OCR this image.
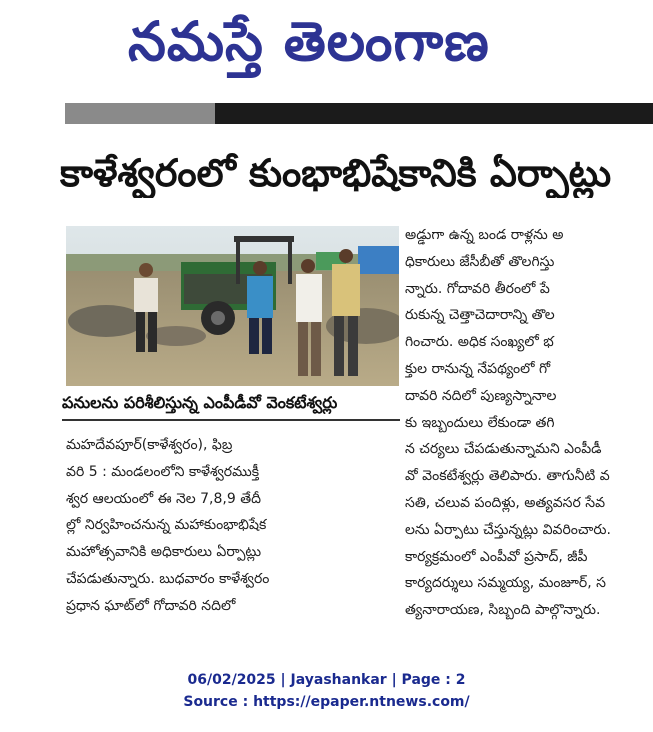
నమస్తే తెలంగాణ
కాళేశ్వరంలో కుంభాభిషేకానికి ఏర్పాట్లు
పనులను పరిశీలిస్తున్న ఎంపీడీవో వెంకటేశ్వర్లు
అడ్డుగా ఉన్న బండ రాళ్లను అ
ధికారులు జేసీబీతో తొలగిస్తు
న్నారు. గోదావరి తీరంలో పే
రుకున్న చెత్తాచెదారాన్ని తొల
గించారు. అధిక సంఖ్యలో భ
క్తుల రానున్న నేపథ్యంలో గో
దావరి నదిలో పుణ్యస్నానాల
కు ఇబ్బందులు లేకుండా తగి
న చర్యలు చేపడుతున్నామని ఎంపీడీ
వో వెంకటేశ్వర్లు తెలిపారు. తాగునీటి వ
సతి, చలువ పందిళ్లు, అత్యవసర సేవ
లను ఏర్పాటు చేస్తున్నట్లు వివరించారు.
కార్యక్రమంలో ఎంపీవో ప్రసాద్, జీపీ
కార్యదర్శులు సమ్మయ్య, మంజూర్, స
త్యనారాయణ, సిబ్బంది పాల్గొన్నారు.
మహదేవపూర్(కాళేశ్వరం), ఫిబ్ర
వరి 5 : మండలంలోని కాళేశ్వరముక్తీ
శ్వర ఆలయంలో ఈ నెల 7,8,9 తేదీ
ల్లో నిర్వహించనున్న మహాకుంభాభిషేక
మహోత్సవానికి అధికారులు ఏర్పాట్లు
చేపడుతున్నారు. బుధవారం కాళేశ్వరం
ప్రధాన ఘాట్‌లో గోదావరి నదిలో
06/02/2025 | Jayashankar | Page : 2
Source : https://epaper.ntnews.com/
